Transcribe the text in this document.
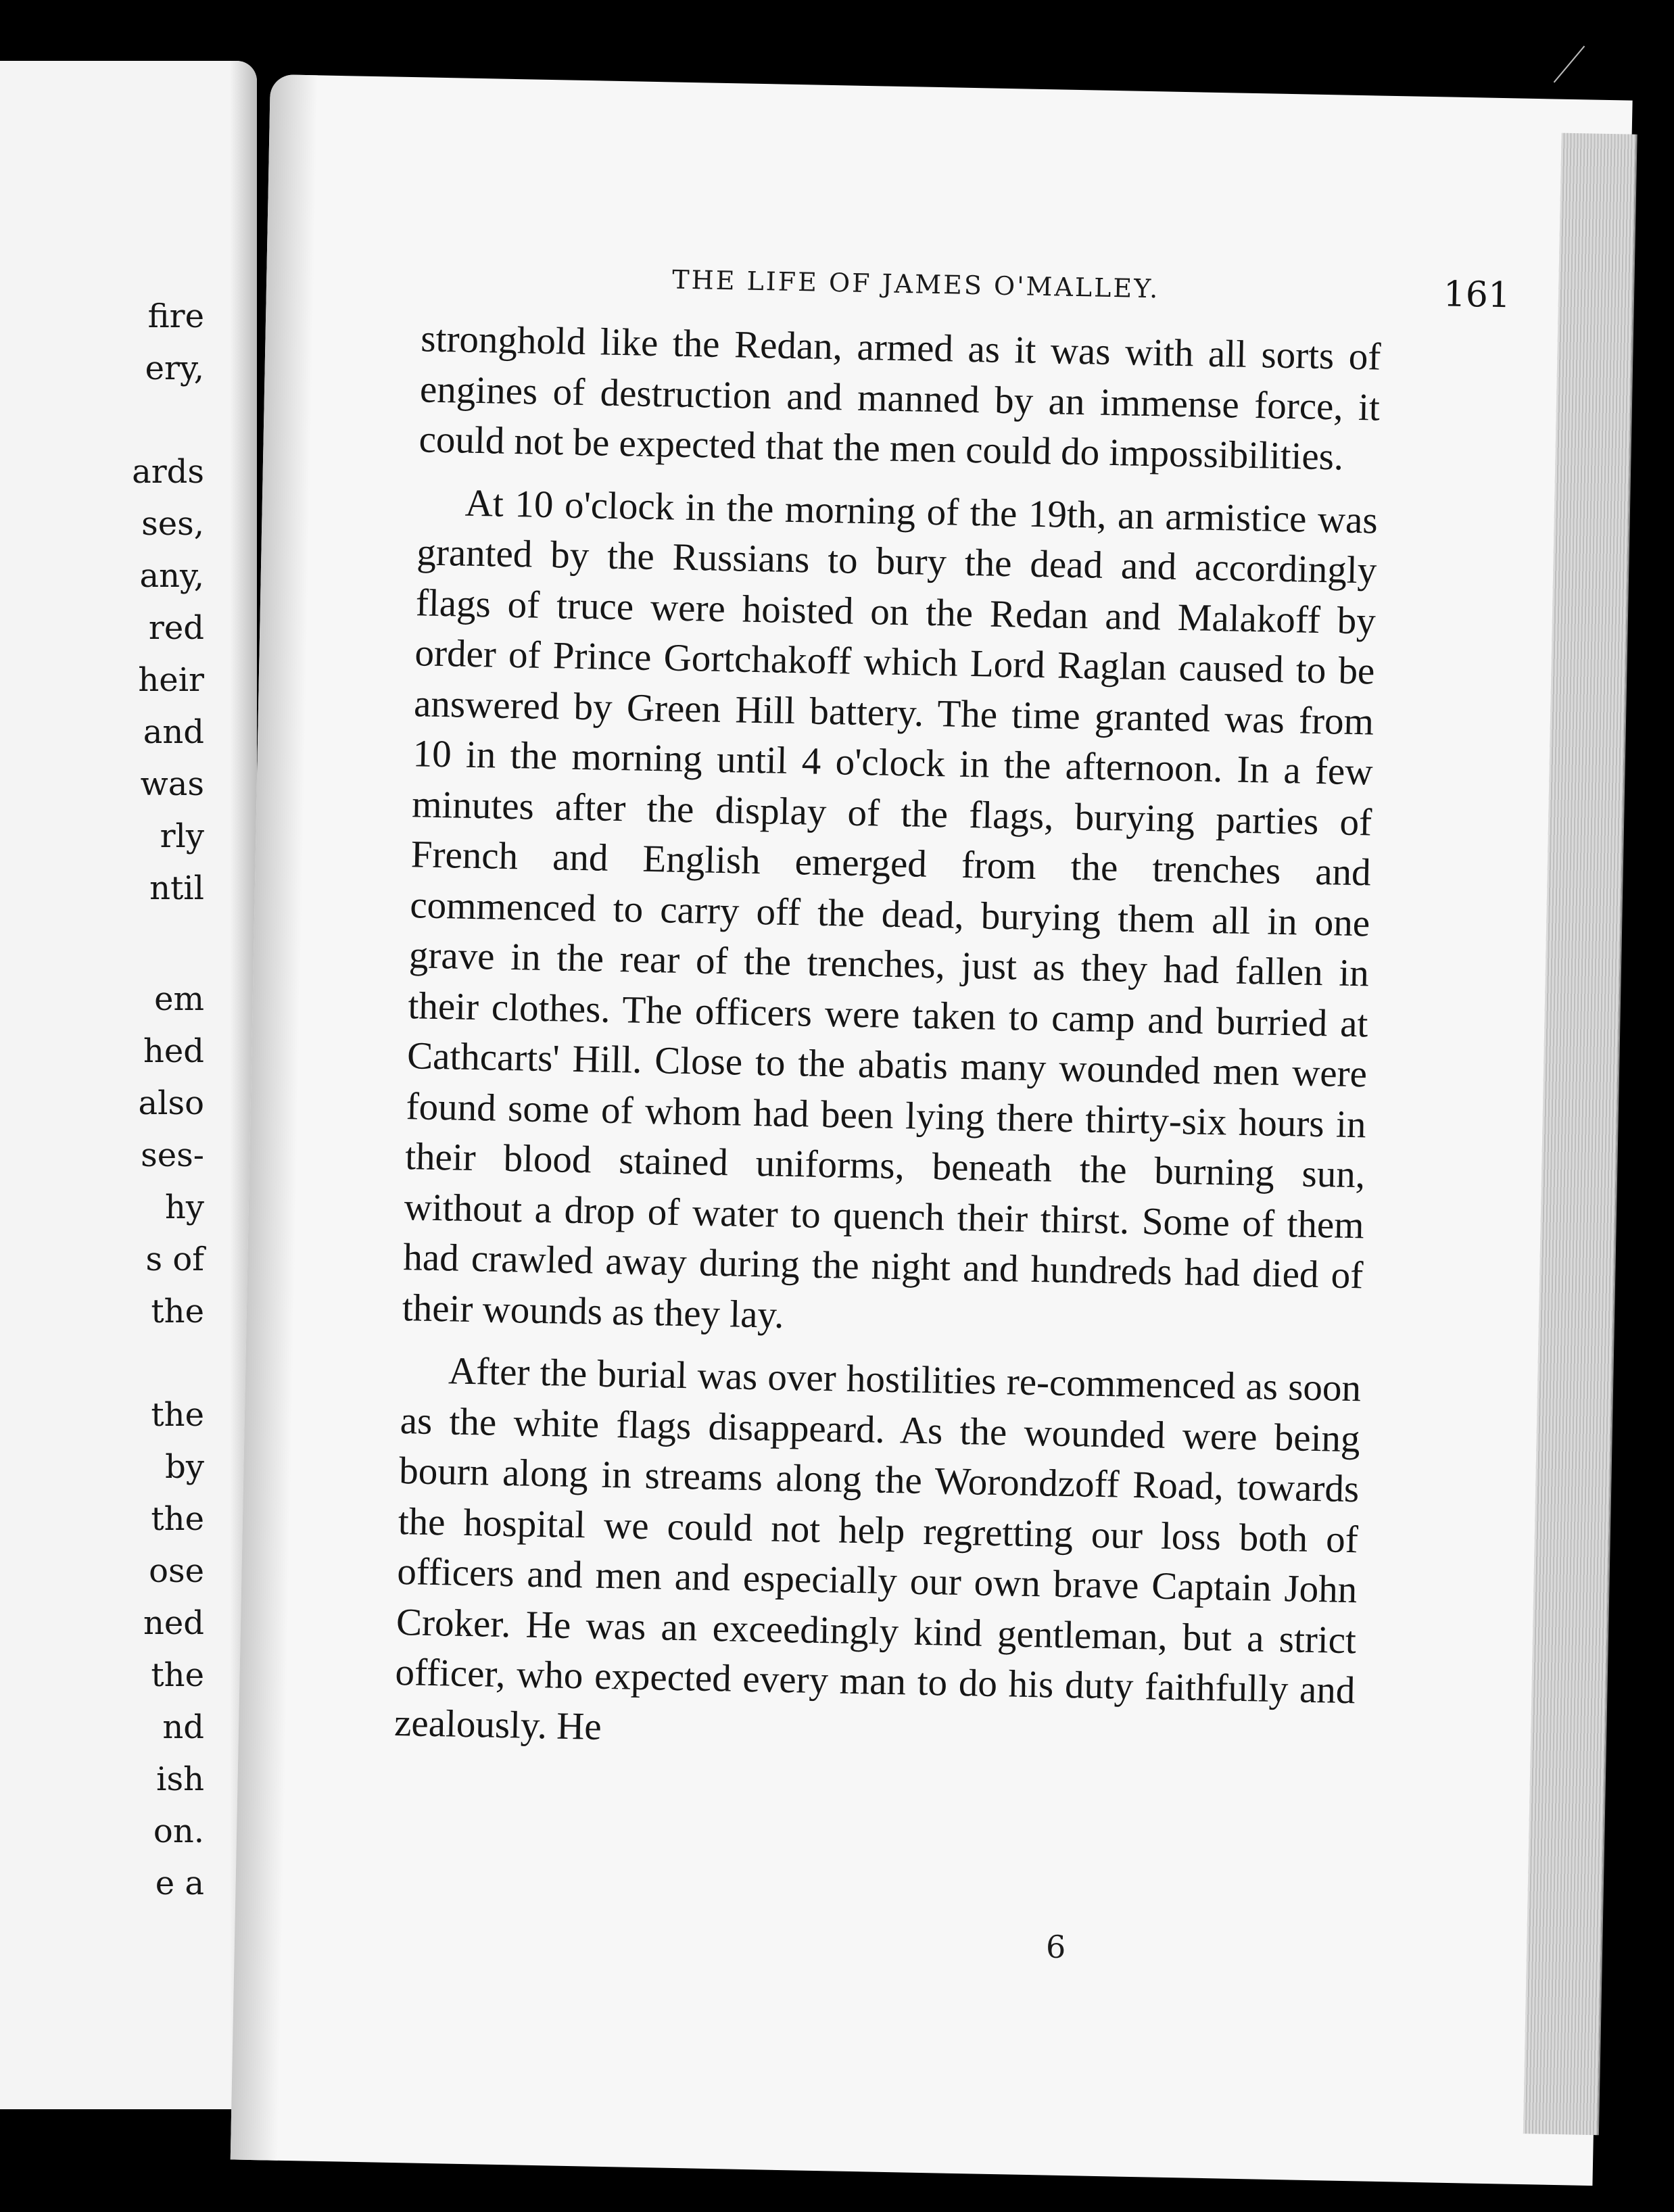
fire
ery,
ards
ses,
any,
red
heir
and
was
rly
ntil
em
hed
also
ses-
hy
s of
the
the
by
the
ose
ned
the
nd
ish
on.
e a
THE LIFE OF JAMES O'MALLEY.	161

stronghold like the Redan, armed as it was with all sorts of engines of destruction and manned by an immense force, it could not be expected that the men could do impossibilities.

At 10 o'clock in the morning of the 19th, an armistice was granted by the Russians to bury the dead and accordingly flags of truce were hoisted on the Redan and Malakoff by order of Prince Gortchakoff which Lord Raglan caused to be answered by Green Hill battery. The time granted was from 10 in the morning until 4 o'clock in the afternoon. In a few minutes after the display of the flags, burying parties of French and English emerged from the trenches and commenced to carry off the dead, burying them all in one grave in the rear of the trenches, just as they had fallen in their clothes. The officers were taken to camp and burried at Cathcarts' Hill. Close to the abatis many wounded men were found some of whom had been lying there thirty-six hours in their blood stained uniforms, beneath the burning sun, without a drop of water to quench their thirst. Some of them had crawled away during the night and hundreds had died of their wounds as they lay.

After the burial was over hostilities re-commenced as soon as the white flags disappeard. As the wounded were being bourn along in streams along the Worondzoff Road, towards the hospital we could not help regretting our loss both of officers and men and especially our own brave Captain John Croker. He was an exceedingly kind gentleman, but a strict officer, who expected every man to do his duty faithfully and zealously. He

6
